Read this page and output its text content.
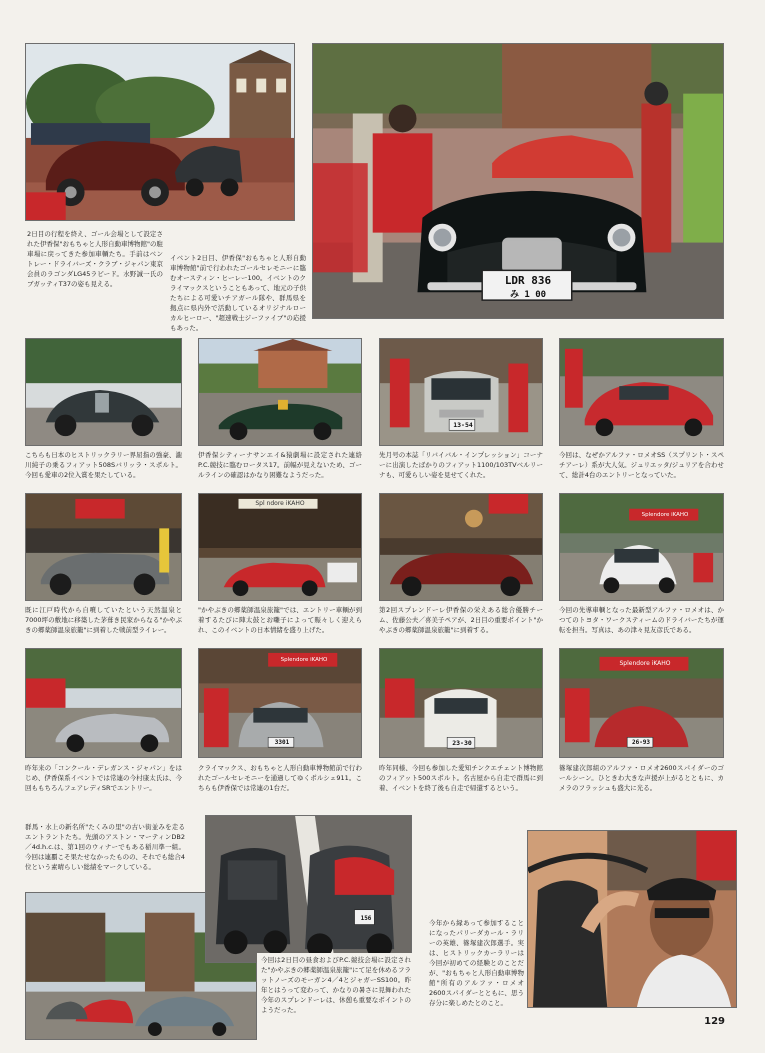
2日目の行程を終え、ゴール会場として設定された伊香保"おもちゃと人形自動車博物館"の駐車場に戻ってきた参加車輌たち。手前はベントレー・ドライバーズ・クラブ・ジャパン東京会員のラゴンダLG45ラピード。水野誠一氏のブガッティT37の姿も見える。	LDR 836
み 1 00

イベント2日目、伊香保"おもちゃと人形自動車博物館"前で行われたゴールセレモニーに臨むオースティン・ヒーレー100。イベントのクライマックスということもあって、地元の子供たちによる可愛いチアガール隊や、群馬県を拠点に県内外で活動しているオリジナルローカルヒーロー、"超速戦士ジーファイブ"の応援もあった。

こちらも日本のヒストリックラリー界屈指の強豪、瀧川純子の乗るフィアット508Sバリッラ・スポルト。今回も愛車の2位入賞を果たしている。

伊香保シティーナサンエイ&猿劇場に設定された連絡P.C.競技に臨むロータス17。前幅が見えないため、ゴールラインの確認はかなり困難なようだった。

13-54

先月号の本誌「リバイバル・インプレッション」コーナーに出演したばかりのフィアット1100/103TVベルリーナも、可愛らしい姿を見せてくれた。

今回は、なぜかアルファ・ロメオSS（スプリント・スペチアーレ）系が大人気。ジュリエッタ/ジュリアを合わせて、総計4台のエントリーとなっていた。

既に江戸時代から自噴していたという天然温泉と7000坪の敷地に移築した茅葺き民家からなる"かやぶきの郷薬師温泉旅籠"に到着した戦前型ライレー。

Spl ndore iKAHO

"かやぶきの郷薬師温泉旅籠"では、エントリー車輌が到着するたびに陣太鼓とお囃子によって賑々しく迎えられ、このイベントの日本情緒を盛り上げた。

第2回スプレンドーレ伊香保の栄えある総合優勝チーム、佐藤公夫／喜美子ペアが、2日目の重要ポイント"かやぶきの郷薬師温泉旅籠"に到着する。

Splendore iKAHO

今回の先導車輌となった最新型アルファ・ロメオは、かつてのトヨタ・ワークスティームのドライバーたちが運転を担当。写真は、あの津々見友彦氏である。

昨年来の「コンクール・デレガンス・ジャパン」をはじめ、伊香保系イベントでは常連の今村康太氏は、今回ももちろんフェアレディSRでエントリー。

Splendore iKAHO
3301

クライマックス、おもちゃと人形自動車博物館前で行われたゴールセレモニーを通過してゆくポルシェ911。こちらも伊香保では常連の1台だ。

23-30

昨年同様、今回も参加した愛知チンクエチェント博物館のフィアット500スポルト。名古屋から自走で群馬に到着、イベントを終了後も自走で帰還するという。

Splendore iKAHO
26-93

篠塚建次郎組のアルファ・ロメオ2600スパイダーのゴールシーン。ひときわ大きな声援が上がるとともに、カメラのフラッシュも盛大に光る。

群馬・水上の新名所"たくみの里"の古い街並みを走るエントラントたち。先頭のアストン・マーティンDB2／4d.h.c.は、第1回のウィナーでもある稲川準一組。今回は連覇こそ果たせなかったものの、それでも総合4位という素晴らしい総績をマークしている。

156

今回は2日目の昼食およびP.C.競技会場に設定された"かやぶきの郷薬師温泉旅籠"にて足を休めるフラットノーズのモーガン4／4とジャガーSS100。昨年とはうって変わって、かなりの暑さに見舞われた今年のスプレンドーレは、休憩も重要なポイントのようだった。

今年から縁あって参加することになったパリーダカール・ラリーの英雄、篠塚建次郎選手。実は、ヒストリックカーラリーは今回が初めての経験とのことだが、"おもちゃと人形自動車博物館"所有のアルファ・ロメオ2600スパイダーとともに、思う存分に楽しめたとのこと。

129
